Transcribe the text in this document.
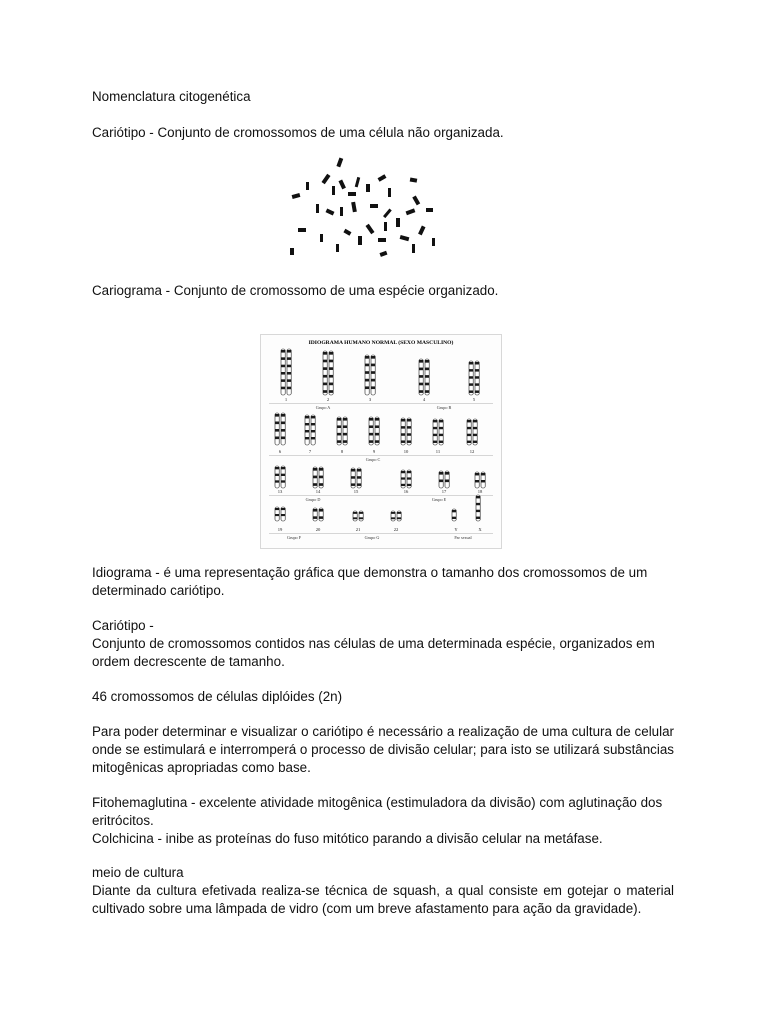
Nomenclatura citogenética

Cariótipo - Conjunto de cromossomos de uma célula não organizada.

Cariograma - Conjunto de cromossomo de uma espécie organizado.

IDIOGRAMA HUMANO NORMAL (SEXO MASCULINO)
1	2	3	4	5
Grupo A	Grupo B
6	7	8	9	10	11	12
Grupo C
13	14	15	16	17	18
Grupo D	Grupo E
19	20	21	22	Y	X
Grupo F	Grupo G	Par sexual

Idiograma - é uma representação gráfica que demonstra o tamanho dos cromossomos de um determinado cariótipo.

Cariótipo -
Conjunto de cromossomos contidos nas células de uma determinada espécie, organizados em ordem decrescente de tamanho.

46 cromossomos de células diplóides (2n)

Para poder determinar e visualizar o cariótipo é necessário a realização de uma cultura de celular onde se estimulará e interromperá o processo de divisão celular; para isto se utilizará substâncias mitogênicas apropriadas como base.

Fitohemaglutina - excelente atividade mitogênica (estimuladora da divisão) com aglutinação dos eritrócitos.
Colchicina - inibe as proteínas do fuso mitótico parando a divisão celular na metáfase.

meio de cultura
Diante da cultura efetivada realiza-se técnica de squash, a qual consiste em gotejar o material cultivado sobre uma lâmpada de vidro (com um breve afastamento para ação da gravidade).
